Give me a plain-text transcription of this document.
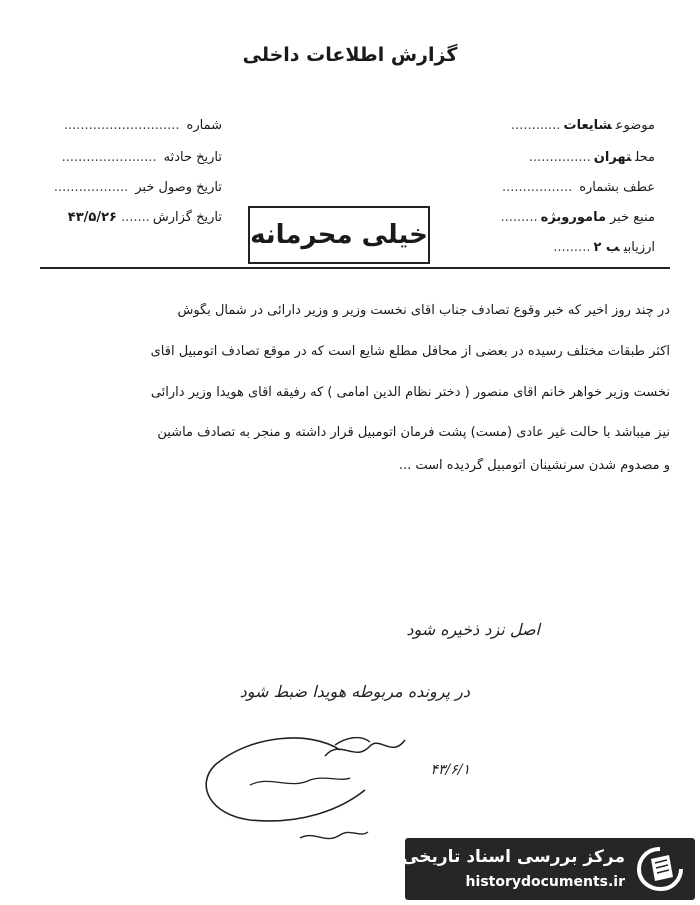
گزارش اطلاعات داخلی
موضوعشایعات............
محلتهران...............
عطف بشماره.................
منبع خبرماموروبژه.........
ارزیابیب ۲.........
شماره............................
تاریخ حادثه.......................
تاریخ وصول خبر..................
تاریخ گزارش.......۴۳/۵/۲۶
خیلی محرمانه
در چند روز اخیر که خبر وقوع تصادف جناب آقای نخست وزیر و وزیر دارائی در شمال بگوش
اکثر طبقات مختلف رسیده در بعضی از محافل مطلع شایع است که در موقع تصادف اتومبیل آقای
نخست وزیر خواهر خانم آقای منصور ( دختر نظام الدین امامی ) که رفیقه آقای هویدا وزیر دارائی
نیز میباشد با حالت غیر عادی (مست) پشت فرمان اتومبیل قرار داشته و منجر به تصادف ماشین
و مصدوم شدن سرنشینان اتومبیل گردیده است ...
اصل نزد ذخیره شود
در پرونده مربوطه هویدا ضبط شود
۴۳/۶/۱
مرکز بررسی اسناد تاریخی
historydocuments.ir
